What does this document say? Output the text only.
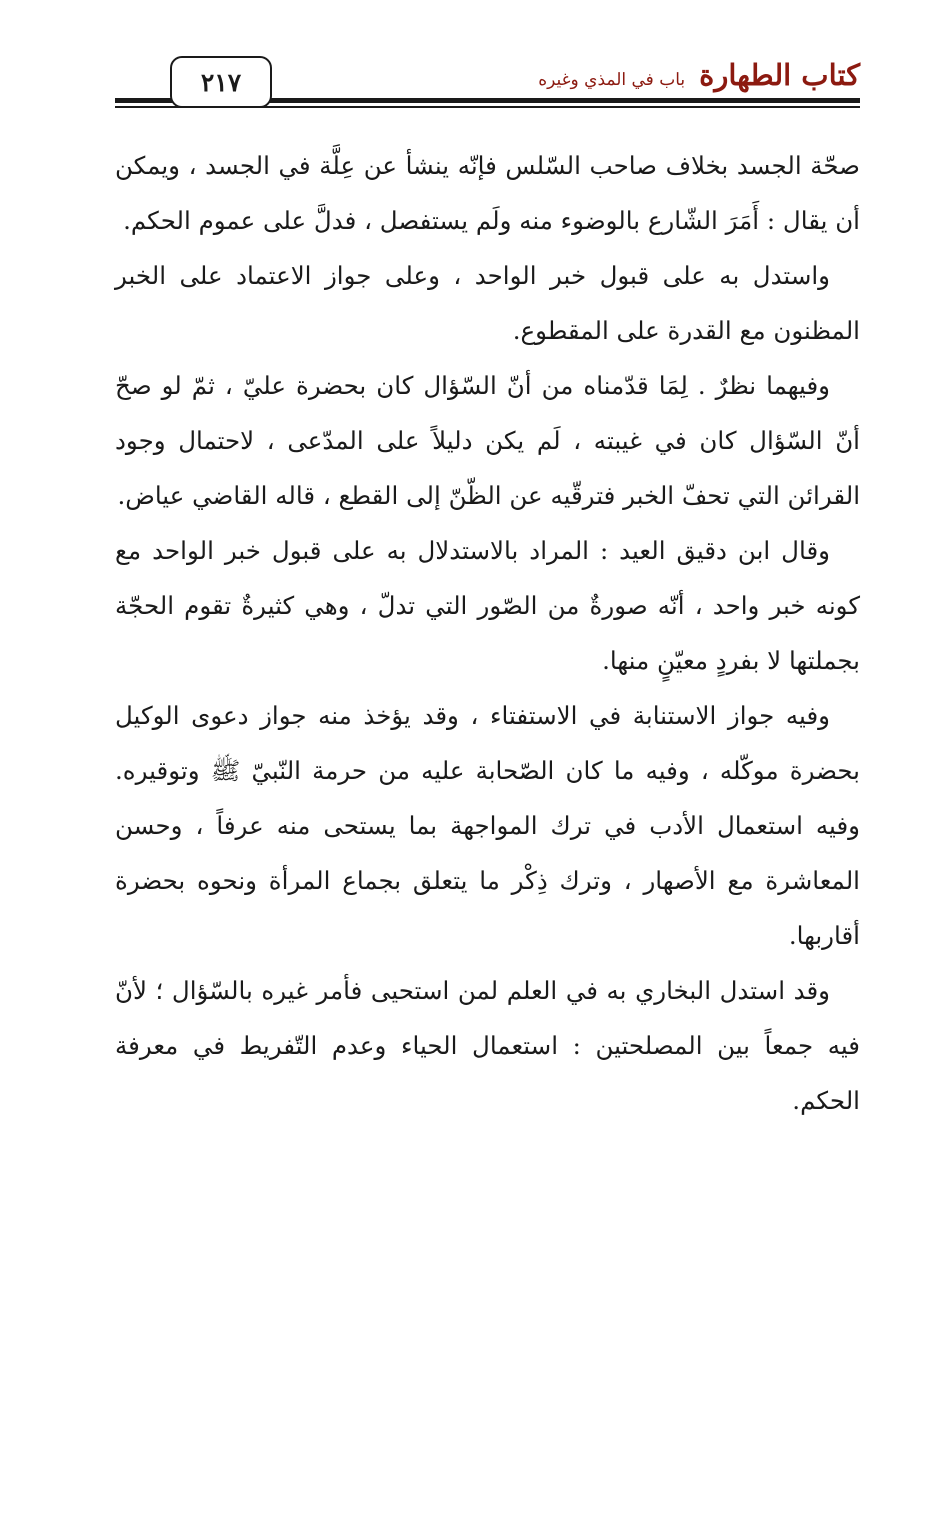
كتاب الطهارةباب في المذي وغيره
٢١٧

صحّة الجسد بخلاف صاحب السّلس فإنّه ينشأ عن عِلَّة في الجسد ، ويمكن أن يقال : أَمَرَ الشّارع بالوضوء منه ولَم يستفصل ، فدلَّ على عموم الحكم.

واستدل به على قبول خبر الواحد ، وعلى جواز الاعتماد على الخبر المظنون مع القدرة على المقطوع.

وفيهما نظرٌ . لِمَا قدّمناه من أنّ السّؤال كان بحضرة عليّ ، ثمّ لو صحّ أنّ السّؤال كان في غيبته ، لَم يكن دليلاً على المدّعى ، لاحتمال وجود القرائن التي تحفّ الخبر فترقّيه عن الظّنّ إلى القطع ، قاله القاضي عياض.

وقال ابن دقيق العيد : المراد بالاستدلال به على قبول خبر الواحد مع كونه خبر واحد ، أنّه صورةٌ من الصّور التي تدلّ ، وهي كثيرةٌ تقوم الحجّة بجملتها لا بفردٍ معيّنٍ منها.

وفيه جواز الاستنابة في الاستفتاء ، وقد يؤخذ منه جواز دعوى الوكيل بحضرة موكّله ، وفيه ما كان الصّحابة عليه من حرمة النّبيّ ﷺ وتوقيره. وفيه استعمال الأدب في ترك المواجهة بما يستحى منه عرفاً ، وحسن المعاشرة مع الأصهار ، وترك ذِكْر ما يتعلق بجماع المرأة ونحوه بحضرة أقاربها.

وقد استدل البخاري به في العلم لمن استحيى فأمر غيره بالسّؤال ؛ لأنّ فيه جمعاً بين المصلحتين : استعمال الحياء وعدم التّفريط في معرفة الحكم.
